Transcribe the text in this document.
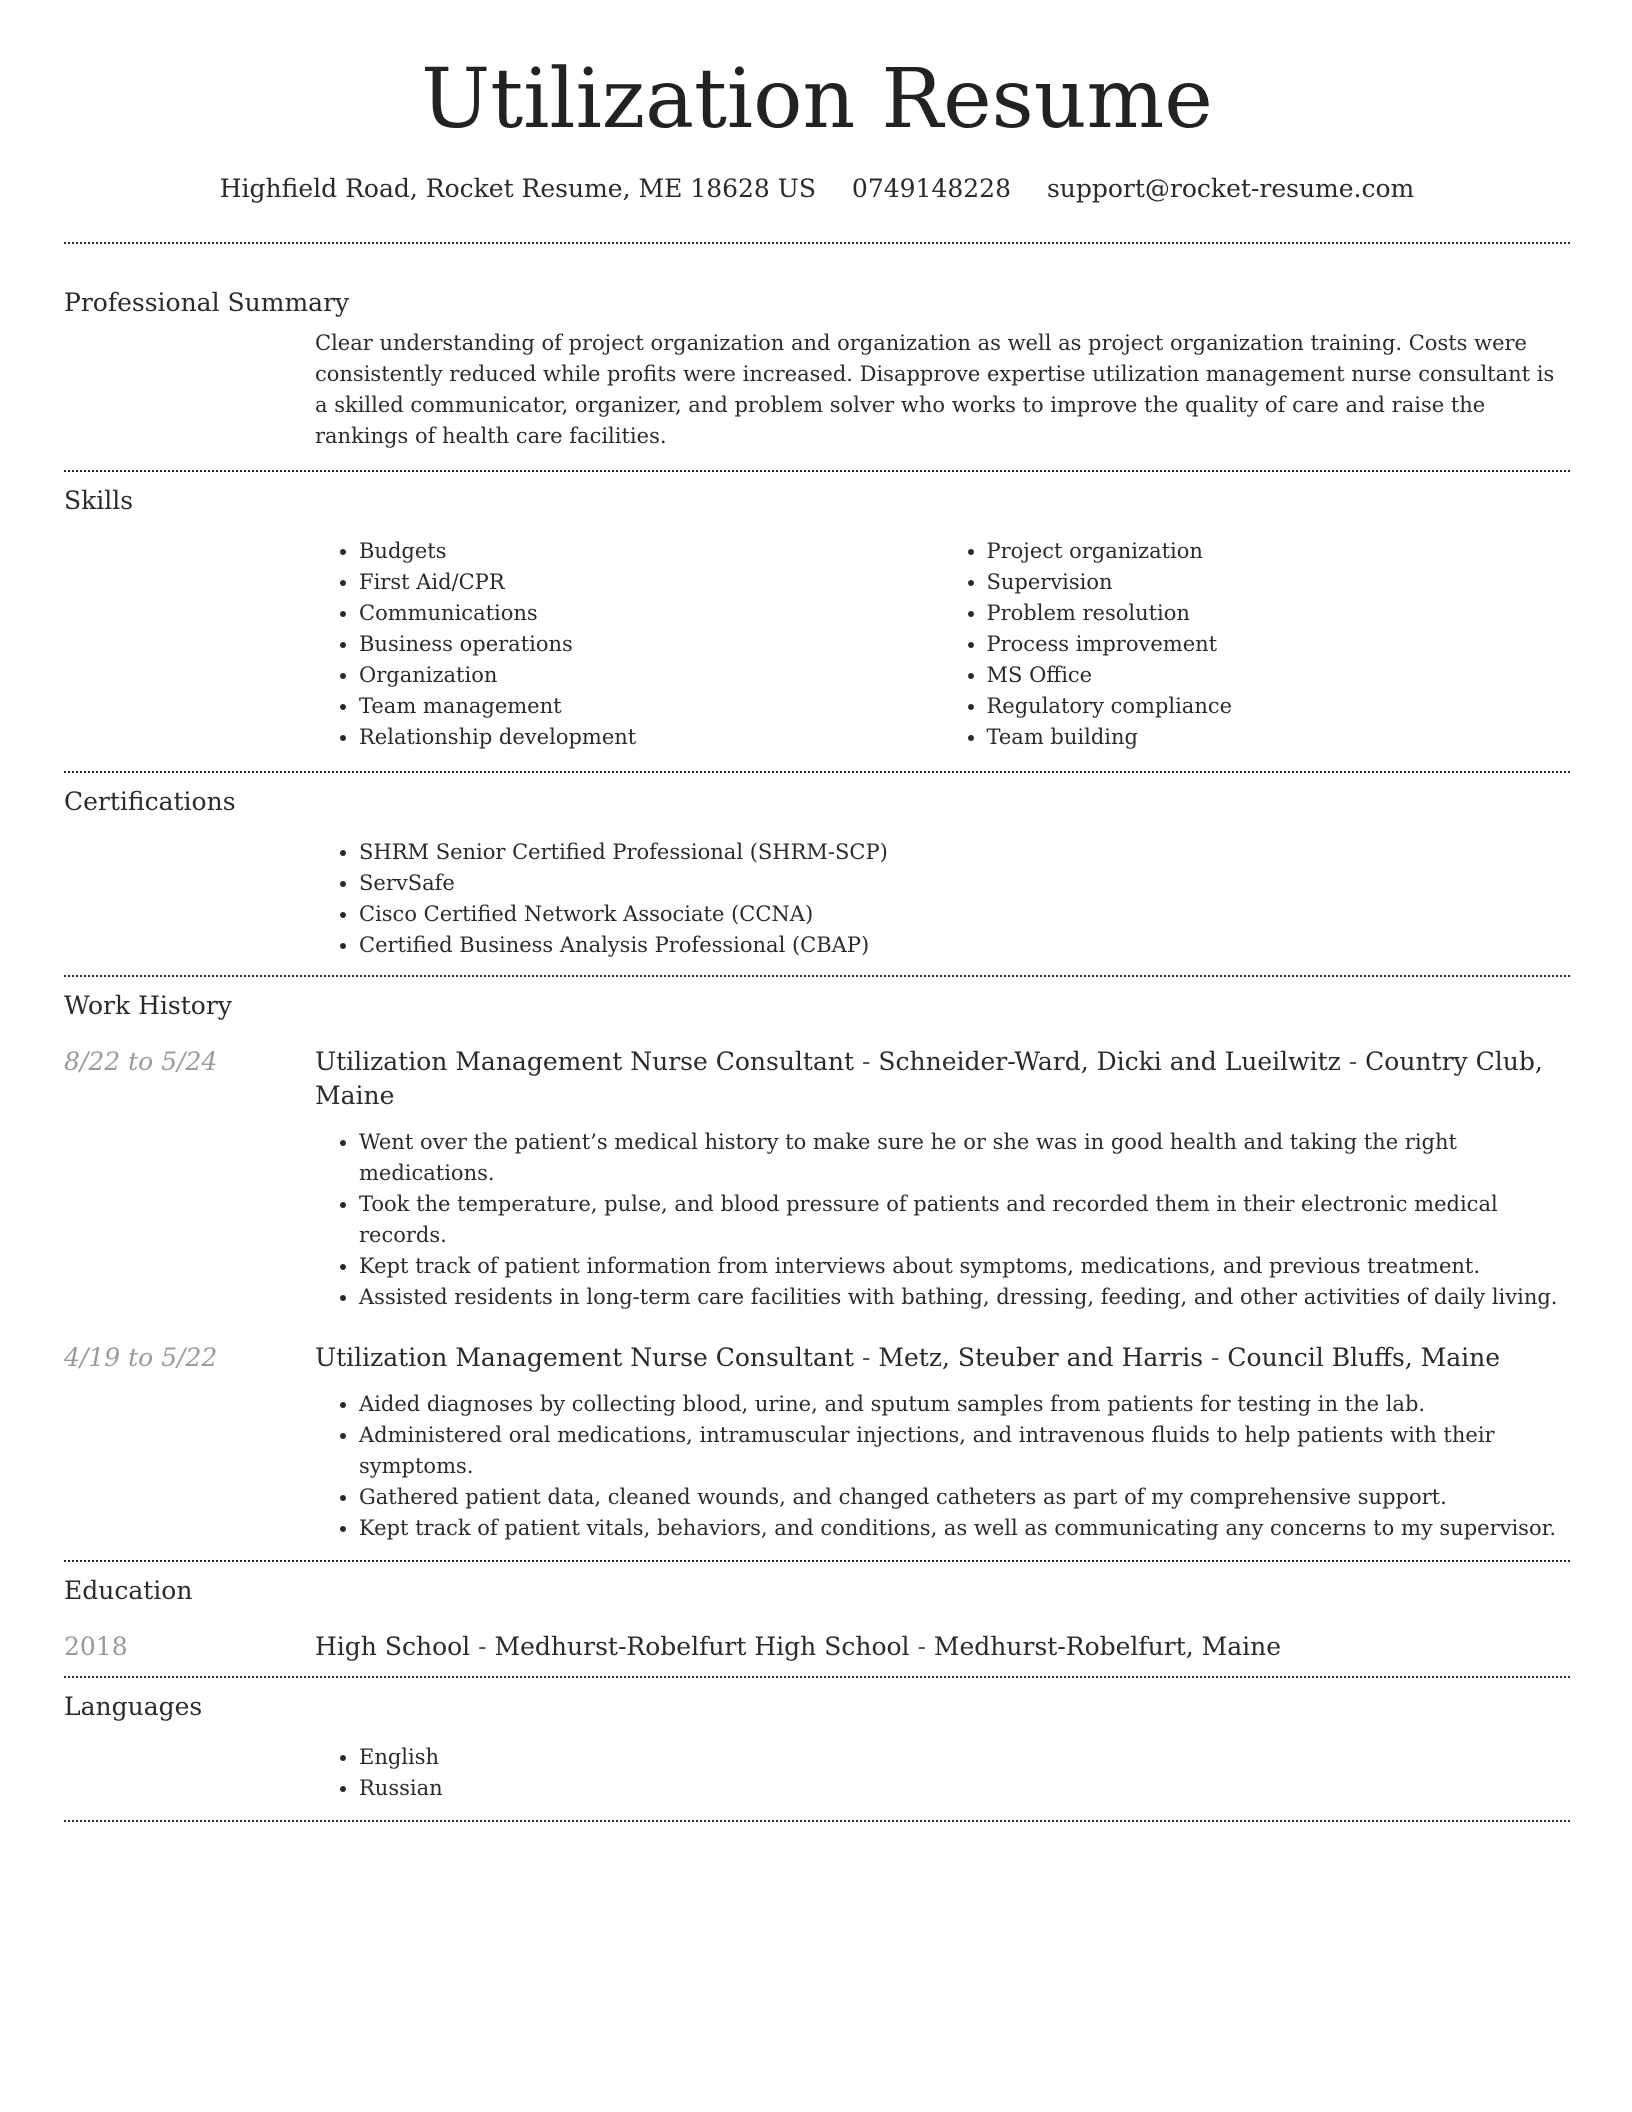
Utilization Resume
Highfield Road, Rocket Resume, ME 18628 US 0749148228 support@rocket-resume.com
Professional Summary

Clear understanding of project organization and organization as well as project organization training. Costs were consistently reduced while profits were increased. Disapprove expertise utilization management nurse consultant is a skilled communicator, organizer, and problem solver who works to improve the quality of care and raise the rankings of health care facilities.

Skills
• Budgets
• First Aid/CPR
• Communications
• Business operations
• Organization
• Team management
• Relationship development
• Project organization
• Supervision
• Problem resolution
• Process improvement
• MS Office
• Regulatory compliance
• Team building
Certifications
• SHRM Senior Certified Professional (SHRM-SCP)
• ServSafe
• Cisco Certified Network Associate (CCNA)
• Certified Business Analysis Professional (CBAP)
Work History
8/22 to 5/24	Utilization Management Nurse Consultant - Schneider-Ward, Dicki and Lueilwitz - Country Club, Maine
• Went over the patient’s medical history to make sure he or she was in good health and taking the right medications.
• Took the temperature, pulse, and blood pressure of patients and recorded them in their electronic medical records.
• Kept track of patient information from interviews about symptoms, medications, and previous treatment.
• Assisted residents in long-term care facilities with bathing, dressing, feeding, and other activities of daily living.
4/19 to 5/22	Utilization Management Nurse Consultant - Metz, Steuber and Harris - Council Bluffs, Maine
• Aided diagnoses by collecting blood, urine, and sputum samples from patients for testing in the lab.
• Administered oral medications, intramuscular injections, and intravenous fluids to help patients with their symptoms.
• Gathered patient data, cleaned wounds, and changed catheters as part of my comprehensive support.
• Kept track of patient vitals, behaviors, and conditions, as well as communicating any concerns to my supervisor.
Education
2018	High School - Medhurst-Robelfurt High School - Medhurst-Robelfurt, Maine
Languages
• English
• Russian
